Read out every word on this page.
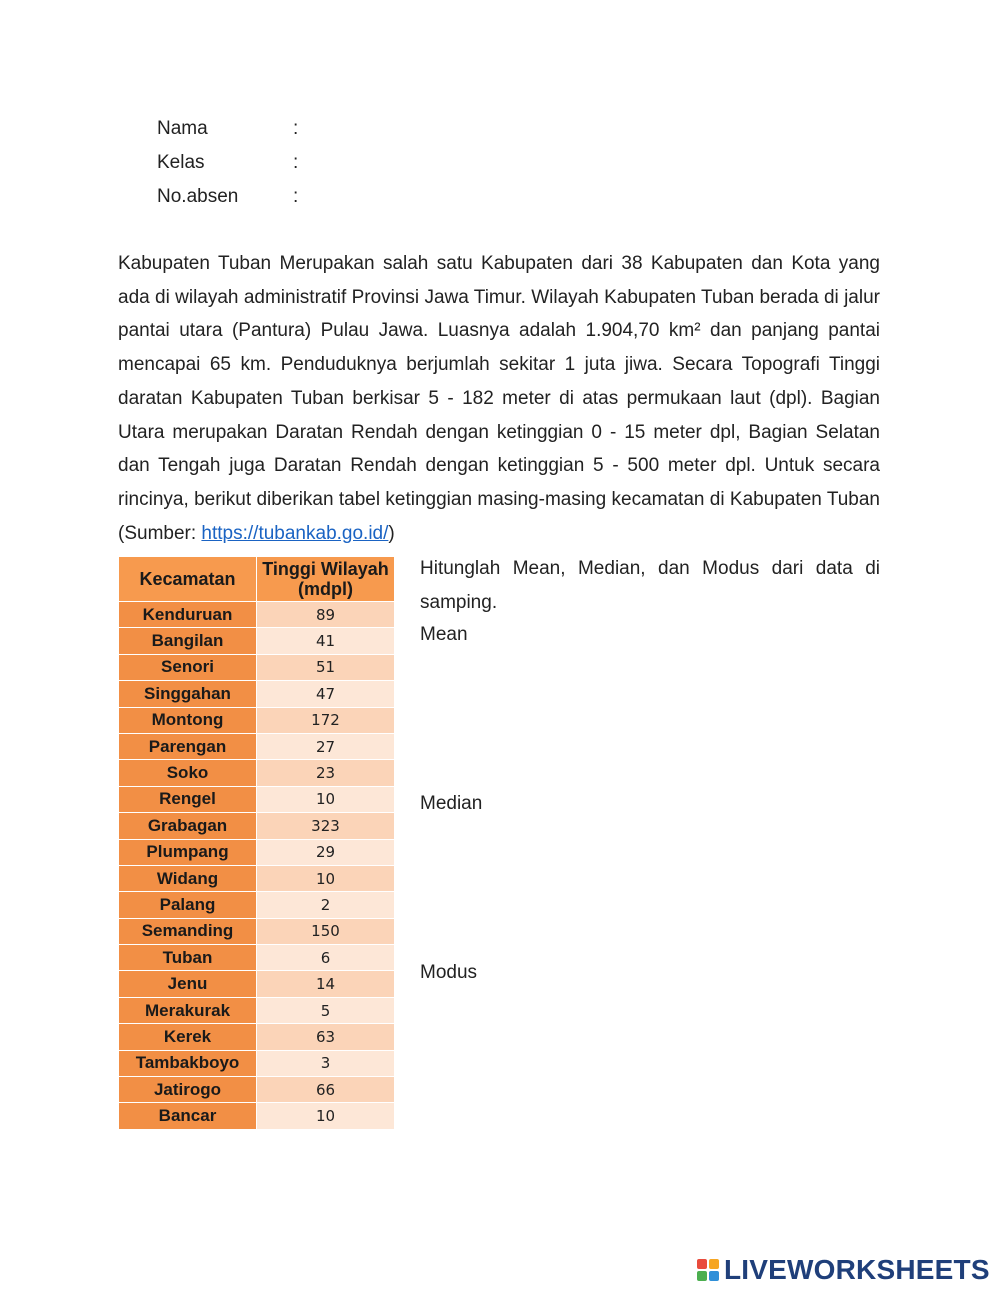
Nama	:
Kelas	:
No.absen	:

Kabupaten Tuban Merupakan salah satu Kabupaten dari 38 Kabupaten dan Kota yang ada di wilayah administratif Provinsi Jawa Timur. Wilayah Kabupaten Tuban berada di jalur pantai utara (Pantura) Pulau Jawa. Luasnya adalah 1.904,70 km² dan panjang pantai mencapai 65 km. Penduduknya berjumlah sekitar 1 juta jiwa. Secara Topografi Tinggi daratan Kabupaten Tuban berkisar 5 - 182 meter di atas permukaan laut (dpl). Bagian Utara merupakan Daratan Rendah dengan ketinggian 0 - 15 meter dpl, Bagian Selatan dan Tengah juga Daratan Rendah dengan ketinggian 5 - 500 meter dpl. Untuk secara rincinya, berikut diberikan tabel ketinggian masing-masing kecamatan di Kabupaten Tuban (Sumber: https://tubankab.go.id/)

Kecamatan	Tinggi Wilayah (mdpl)
Kenduruan	89
Bangilan	41
Senori	51
Singgahan	47
Montong	172
Parengan	27
Soko	23
Rengel	10
Grabagan	323
Plumpang	29
Widang	10
Palang	2
Semanding	150
Tuban	6
Jenu	14
Merakurak	5
Kerek	63
Tambakboyo	3
Jatirogo	66
Bancar	10

Hitunglah Mean, Median, dan Modus dari data di samping.

Mean
Median
Modus
LIVEWORKSHEETS
